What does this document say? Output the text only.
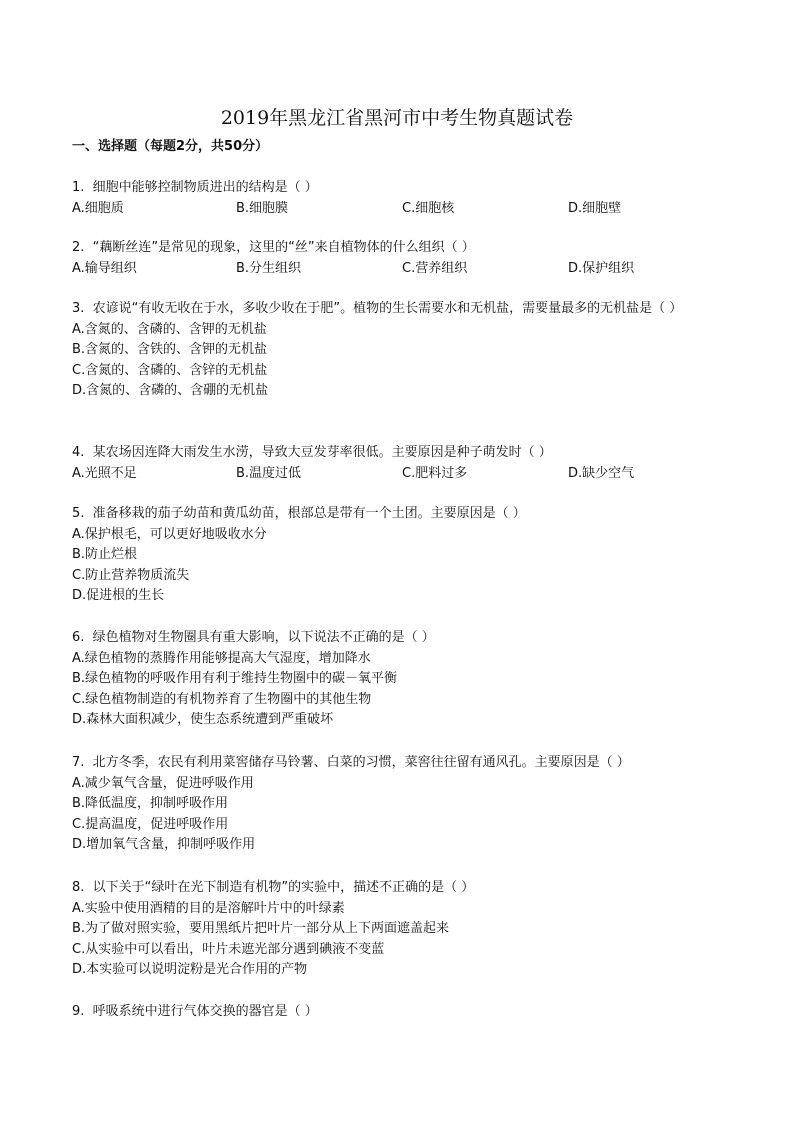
2019年黑龙江省黑河市中考生物真题试卷
一、选择题（每题2分，共50分）
1.  细胞中能够控制物质进出的结构是（ ）
A.细胞质	B.细胞膜	C.细胞核	D.细胞壁
2.  “藕断丝连”是常见的现象，这里的“丝”来自植物体的什么组织（ ）
A.输导组织	B.分生组织	C.营养组织	D.保护组织
3.  农谚说“有收无收在于水，多收少收在于肥”。植物的生长需要水和无机盐，需要量最多的无机盐是（ ）
A.含氮的、含磷的、含钾的无机盐
B.含氮的、含铁的、含钾的无机盐
C.含氮的、含磷的、含锌的无机盐
D.含氮的、含磷的、含硼的无机盐
4.  某农场因连降大雨发生水涝，导致大豆发芽率很低。主要原因是种子萌发时（ ）
A.光照不足	B.温度过低	C.肥料过多	D.缺少空气
5.  准备移栽的茄子幼苗和黄瓜幼苗，根部总是带有一个土团。主要原因是（ ）
A.保护根毛，可以更好地吸收水分
B.防止烂根
C.防止营养物质流失
D.促进根的生长
6.  绿色植物对生物圈具有重大影响，以下说法不正确的是（ ）
A.绿色植物的蒸腾作用能够提高大气湿度，增加降水
B.绿色植物的呼吸作用有利于维持生物圈中的碳－氧平衡
C.绿色植物制造的有机物养育了生物圈中的其他生物
D.森林大面积减少，使生态系统遭到严重破坏
7.  北方冬季，农民有利用菜窖储存马铃薯、白菜的习惯，菜窖往往留有通风孔。主要原因是（ ）
A.减少氧气含量，促进呼吸作用
B.降低温度，抑制呼吸作用
C.提高温度，促进呼吸作用
D.增加氧气含量，抑制呼吸作用
8.  以下关于“绿叶在光下制造有机物”的实验中，描述不正确的是（ ）
A.实验中使用酒精的目的是溶解叶片中的叶绿素
B.为了做对照实验，要用黑纸片把叶片一部分从上下两面遮盖起来
C.从实验中可以看出，叶片未遮光部分遇到碘液不变蓝
D.本实验可以说明淀粉是光合作用的产物
9.  呼吸系统中进行气体交换的器官是（ ）
